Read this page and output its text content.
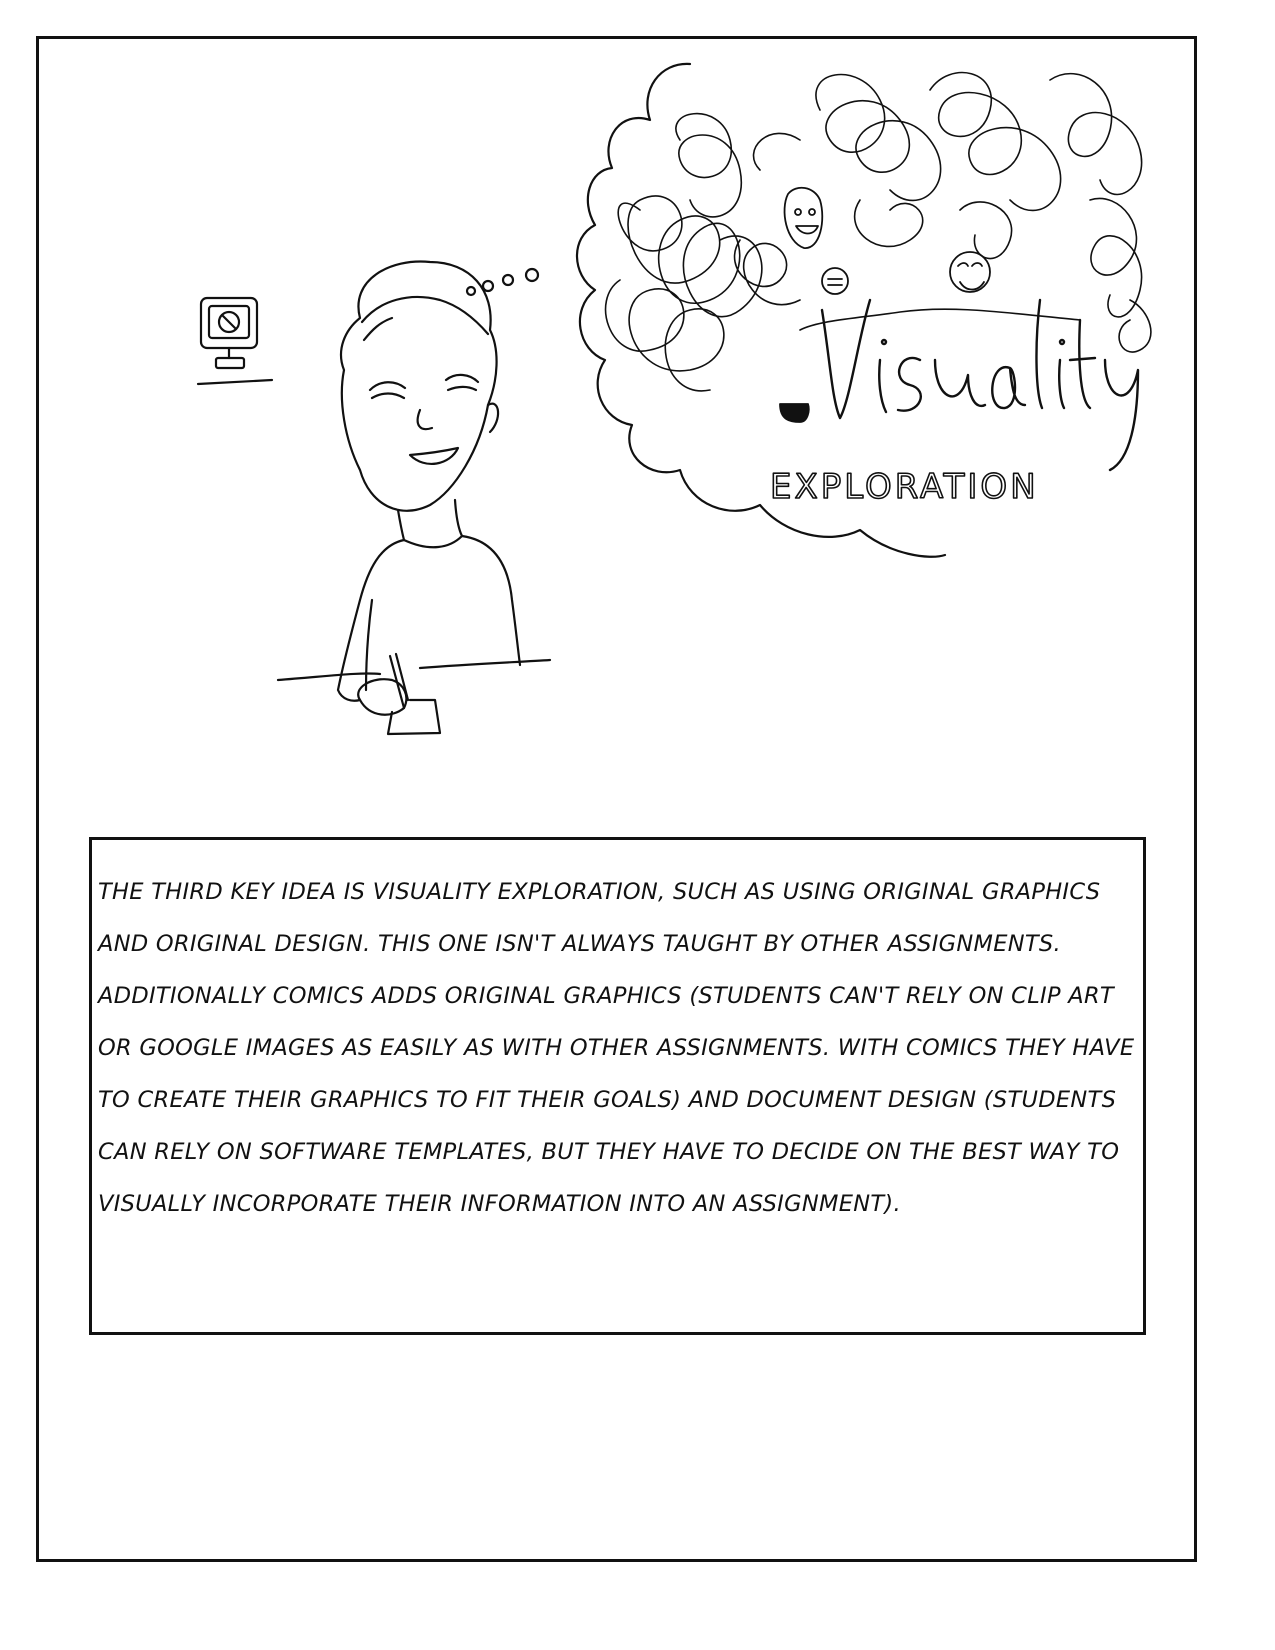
EXPLORATION

THE THIRD KEY IDEA IS VISUALITY EXPLORATION, SUCH AS USING ORIGINAL GRAPHICS AND ORIGINAL DESIGN. THIS ONE ISN'T ALWAYS TAUGHT BY OTHER ASSIGNMENTS. ADDITIONALLY COMICS ADDS ORIGINAL GRAPHICS (STUDENTS CAN'T RELY ON CLIP ART OR GOOGLE IMAGES AS EASILY AS WITH OTHER ASSIGNMENTS. WITH COMICS THEY HAVE TO CREATE THEIR GRAPHICS TO FIT THEIR GOALS) AND DOCUMENT DESIGN (STUDENTS CAN RELY ON SOFTWARE TEMPLATES, BUT THEY HAVE TO DECIDE ON THE BEST WAY TO VISUALLY INCORPORATE THEIR INFORMATION INTO AN ASSIGNMENT).
